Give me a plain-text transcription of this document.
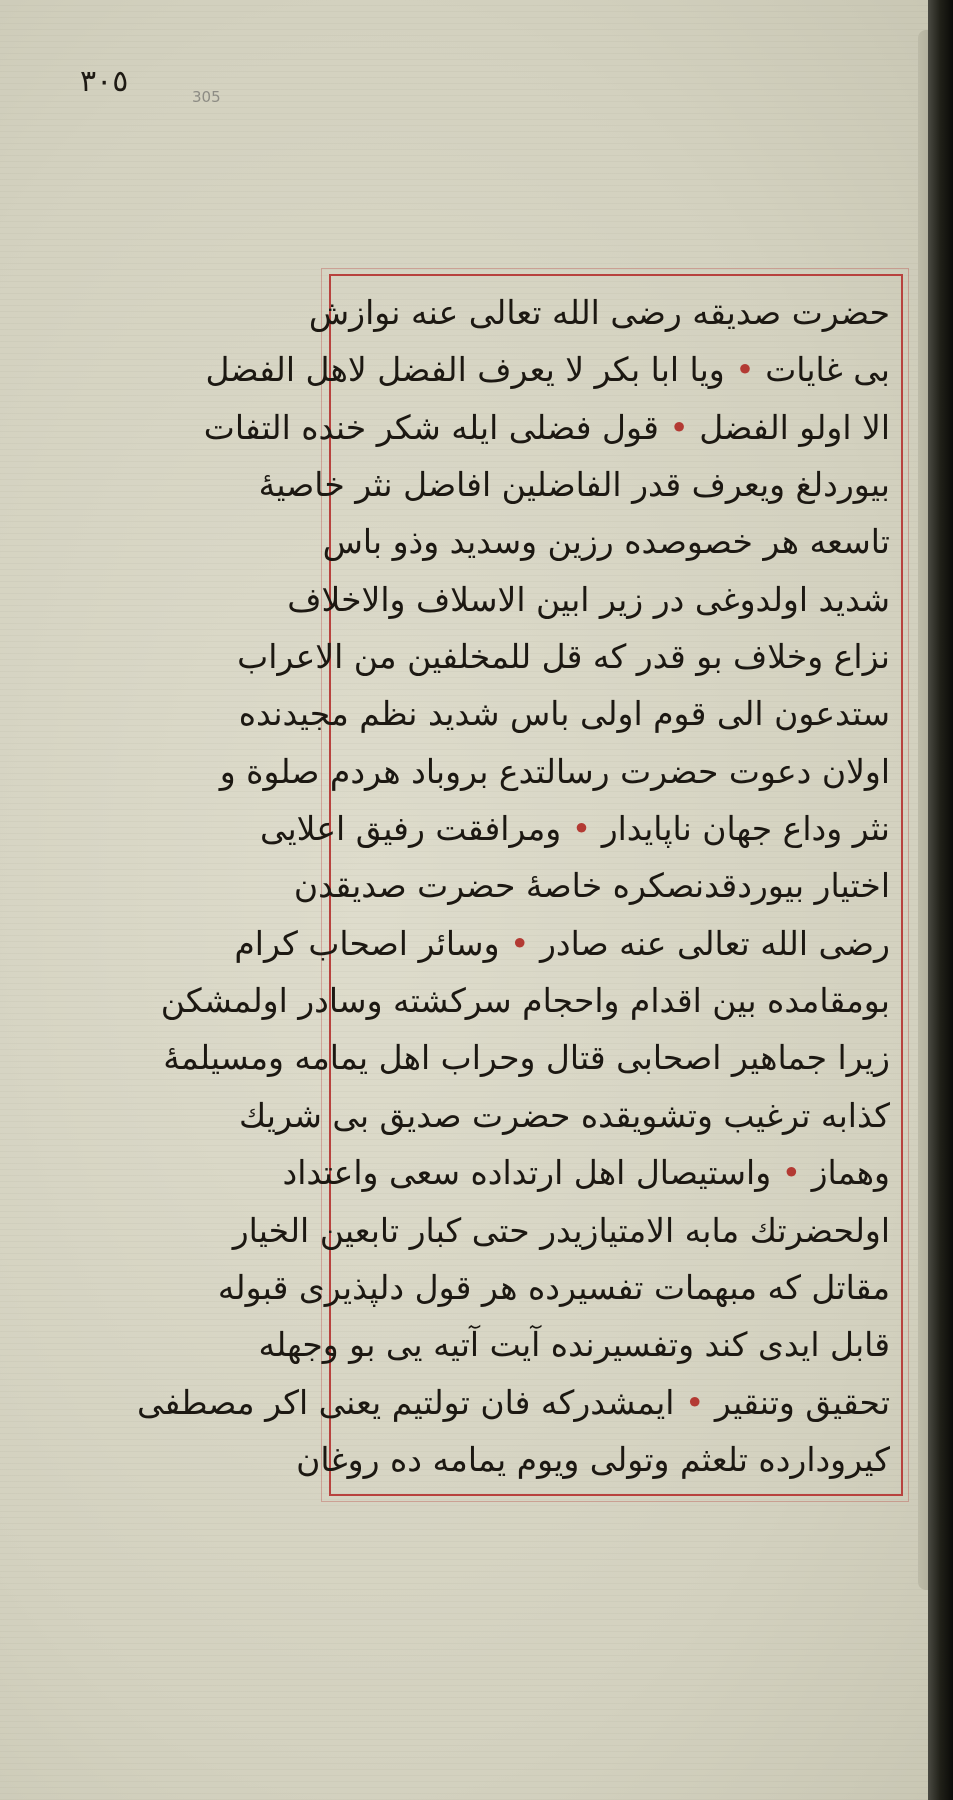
٣٠٥	305
حضرت صديقه رضى الله تعالى عنه نوازش
بى غايات • ويا ابا بكر لا يعرف الفضل لاهل الفضل
الا اولو الفضل • قول فضلى ايله شكر خنده التفات
بيوردلغ ويعرف قدر الفاضلين افاضل نثر خاصيۀ
تاسعه هر خصوصده رزين وسديد وذو باس
شديد اولدوغى در زير ابين الاسلاف والاخلاف
نزاع وخلاف بو قدر كه قل للمخلفين من الاعراب
ستدعون الى قوم اولى باس شديد نظم مجيدنده
اولان دعوت حضرت رسالتدع بروباد هردم صلوة و
نثر وداع جهان ناپايدار • ومرافقت رفيق اعلايى
اختيار بيوردقدنصكره خاصۀ حضرت صديقدن
رضى الله تعالى عنه صادر • وسائر اصحاب كرام
بومقامده بين اقدام واحجام سركشته وسادر اولمشكن
زيرا جماهير اصحابى قتال وحراب اهل يمامه ومسيلمۀ
كذابه ترغيب وتشويقده حضرت صديق بى شريك
وهماز • واستيصال اهل ارتداده سعى واعتداد
اولحضرتك مابه الامتيازيدر حتى كبار تابعين الخيار
مقاتل كه مبهمات تفسيرده هر قول دلپذيرى قبوله
قابل ايدى كند وتفسيرنده آيت آتيه يى بو وجهله
تحقيق وتنقير • ايمشدركه فان تولتيم يعنى اكر مصطفى
كيرودارده تلعثم وتولى ويوم يمامه ده روغان
